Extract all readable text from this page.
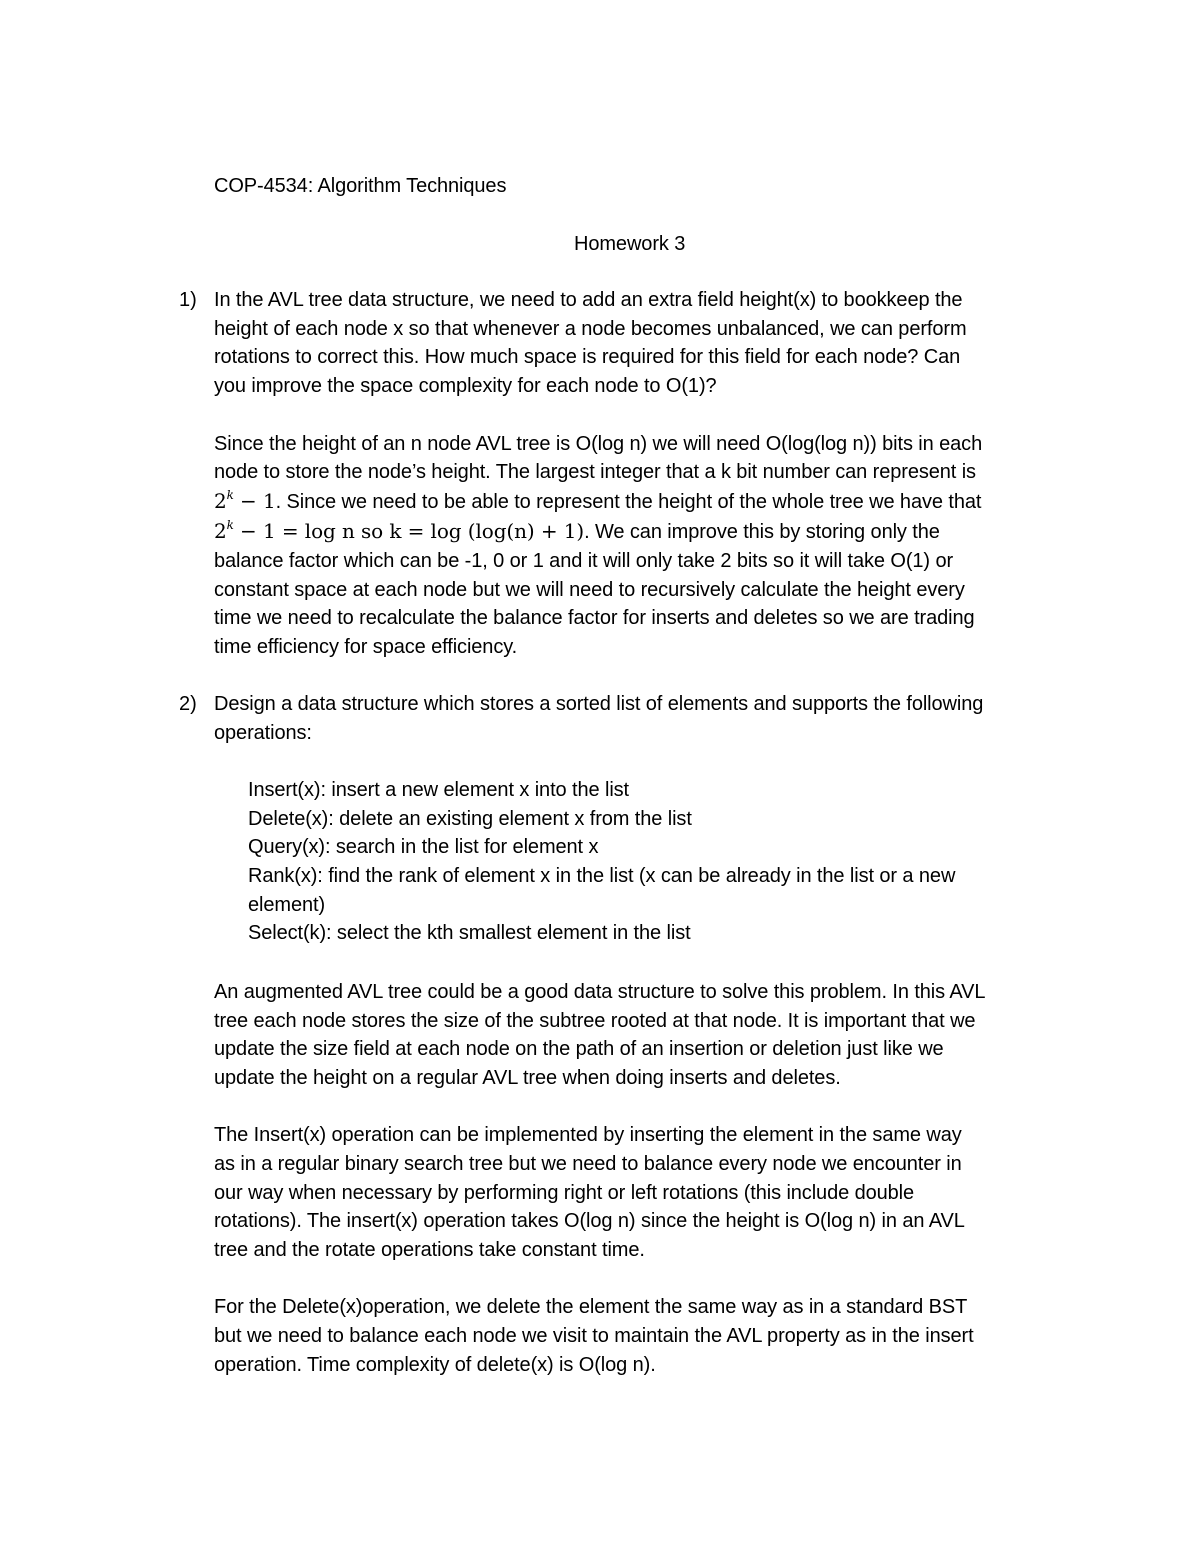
COP-4534: Algorithm Techniques
Homework 3
1) In the AVL tree data structure, we need to add an extra field height(x) to bookkeep the
height of each node x so that whenever a node becomes unbalanced, we can perform
rotations to correct this. How much space is required for this field for each node? Can
you improve the space complexity for each node to O(1)?
Since the height of an n node AVL tree is O(log n) we will need O(log(log n)) bits in each
node to store the node’s height. The largest integer that a k bit number can represent is
$2^k - 1$. Since we need to be able to represent the height of the whole tree we have that
$2^k - 1 = \log n$ so k = log (log(n) + 1). We can improve this by storing only the
balance factor which can be -1, 0 or 1 and it will only take 2 bits so it will take O(1) or
constant space at each node but we will need to recursively calculate the height every
time we need to recalculate the balance factor for inserts and deletes so we are trading
time efficiency for space efficiency.
2) Design a data structure which stores a sorted list of elements and supports the following
operations:
Insert(x): insert a new element x into the list
Delete(x): delete an existing element x from the list
Query(x): search in the list for element x
Rank(x): find the rank of element x in the list (x can be already in the list or a new
element)
Select(k): select the kth smallest element in the list
An augmented AVL tree could be a good data structure to solve this problem. In this AVL
tree each node stores the size of the subtree rooted at that node. It is important that we
update the size field at each node on the path of an insertion or deletion just like we
update the height on a regular AVL tree when doing inserts and deletes.
The Insert(x) operation can be implemented by inserting the element in the same way
as in a regular binary search tree but we need to balance every node we encounter in
our way when necessary by performing right or left rotations (this include double
rotations). The insert(x) operation takes O(log n) since the height is O(log n) in an AVL
tree and the rotate operations take constant time.
For the Delete(x)operation, we delete the element the same way as in a standard BST
but we need to balance each node we visit to maintain the AVL property as in the insert
operation. Time complexity of delete(x) is O(log n).
